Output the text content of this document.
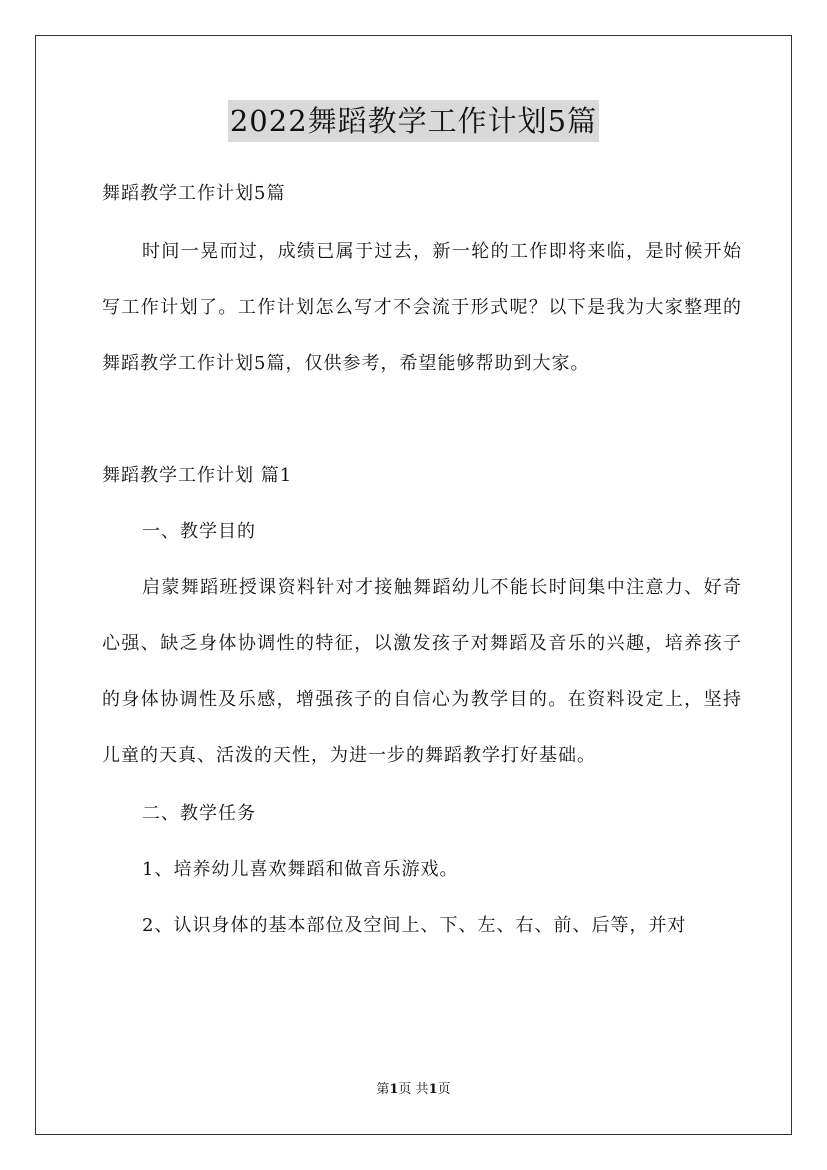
2022舞蹈教学工作计划5篇
舞蹈教学工作计划5篇
时间一晃而过，成绩已属于过去，新一轮的工作即将来临，是时候开始写工作计划了。工作计划怎么写才不会流于形式呢？以下是我为大家整理的舞蹈教学工作计划5篇，仅供参考，希望能够帮助到大家。
舞蹈教学工作计划 篇1
一、教学目的
启蒙舞蹈班授课资料针对才接触舞蹈幼儿不能长时间集中注意力、好奇心强、缺乏身体协调性的特征，以激发孩子对舞蹈及音乐的兴趣，培养孩子的身体协调性及乐感，增强孩子的自信心为教学目的。在资料设定上，坚持儿童的天真、活泼的天性，为进一步的舞蹈教学打好基础。
二、教学任务
1、培养幼儿喜欢舞蹈和做音乐游戏。
2、认识身体的基本部位及空间上、下、左、右、前、后等，并对
第1页 共1页
